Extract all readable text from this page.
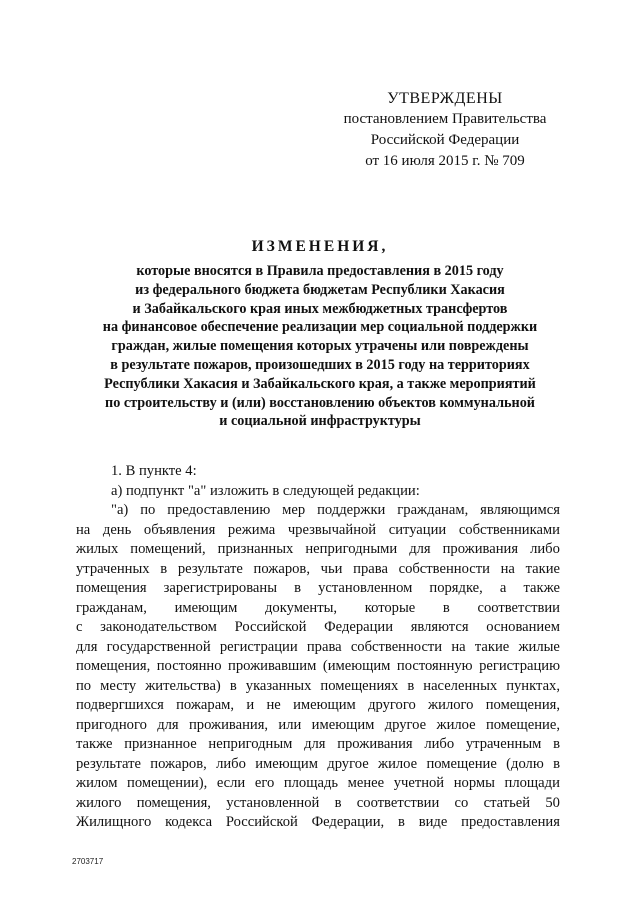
УТВЕРЖДЕНЫ
постановлением Правительства
Российской Федерации
от 16 июля 2015 г. № 709
ИЗМЕНЕНИЯ,
которые вносятся в Правила предоставления в 2015 году
из федерального бюджета бюджетам Республики Хакасия
и Забайкальского края иных межбюджетных трансфертов
на финансовое обеспечение реализации мер социальной поддержки
граждан, жилые помещения которых утрачены или повреждены
в результате пожаров, произошедших в 2015 году на территориях
Республики Хакасия и Забайкальского края, а также мероприятий
по строительству и (или) восстановлению объектов коммунальной
и социальной инфраструктуры
1. В пункте 4:
а) подпункт "а" изложить в следующей редакции:
"а) по предоставлению мер поддержки гражданам, являющимся
на день объявления режима чрезвычайной ситуации собственниками
жилых помещений, признанных непригодными для проживания либо
утраченных в результате пожаров, чьи права собственности на такие
помещения зарегистрированы в установленном порядке, а также
гражданам, имеющим документы, которые в соответствии
с законодательством Российской Федерации являются основанием
для государственной регистрации права собственности на такие жилые
помещения, постоянно проживавшим (имеющим постоянную регистрацию
по месту жительства) в указанных помещениях в населенных пунктах,
подвергшихся пожарам, и не имеющим другого жилого помещения,
пригодного для проживания, или имеющим другое жилое помещение,
также признанное непригодным для проживания либо утраченным в
результате пожаров, либо имеющим другое жилое помещение (долю в
жилом помещении), если его площадь менее учетной нормы площади
жилого помещения, установленной в соответствии со статьей 50
Жилищного кодекса Российской Федерации, в виде предоставления
2703717
